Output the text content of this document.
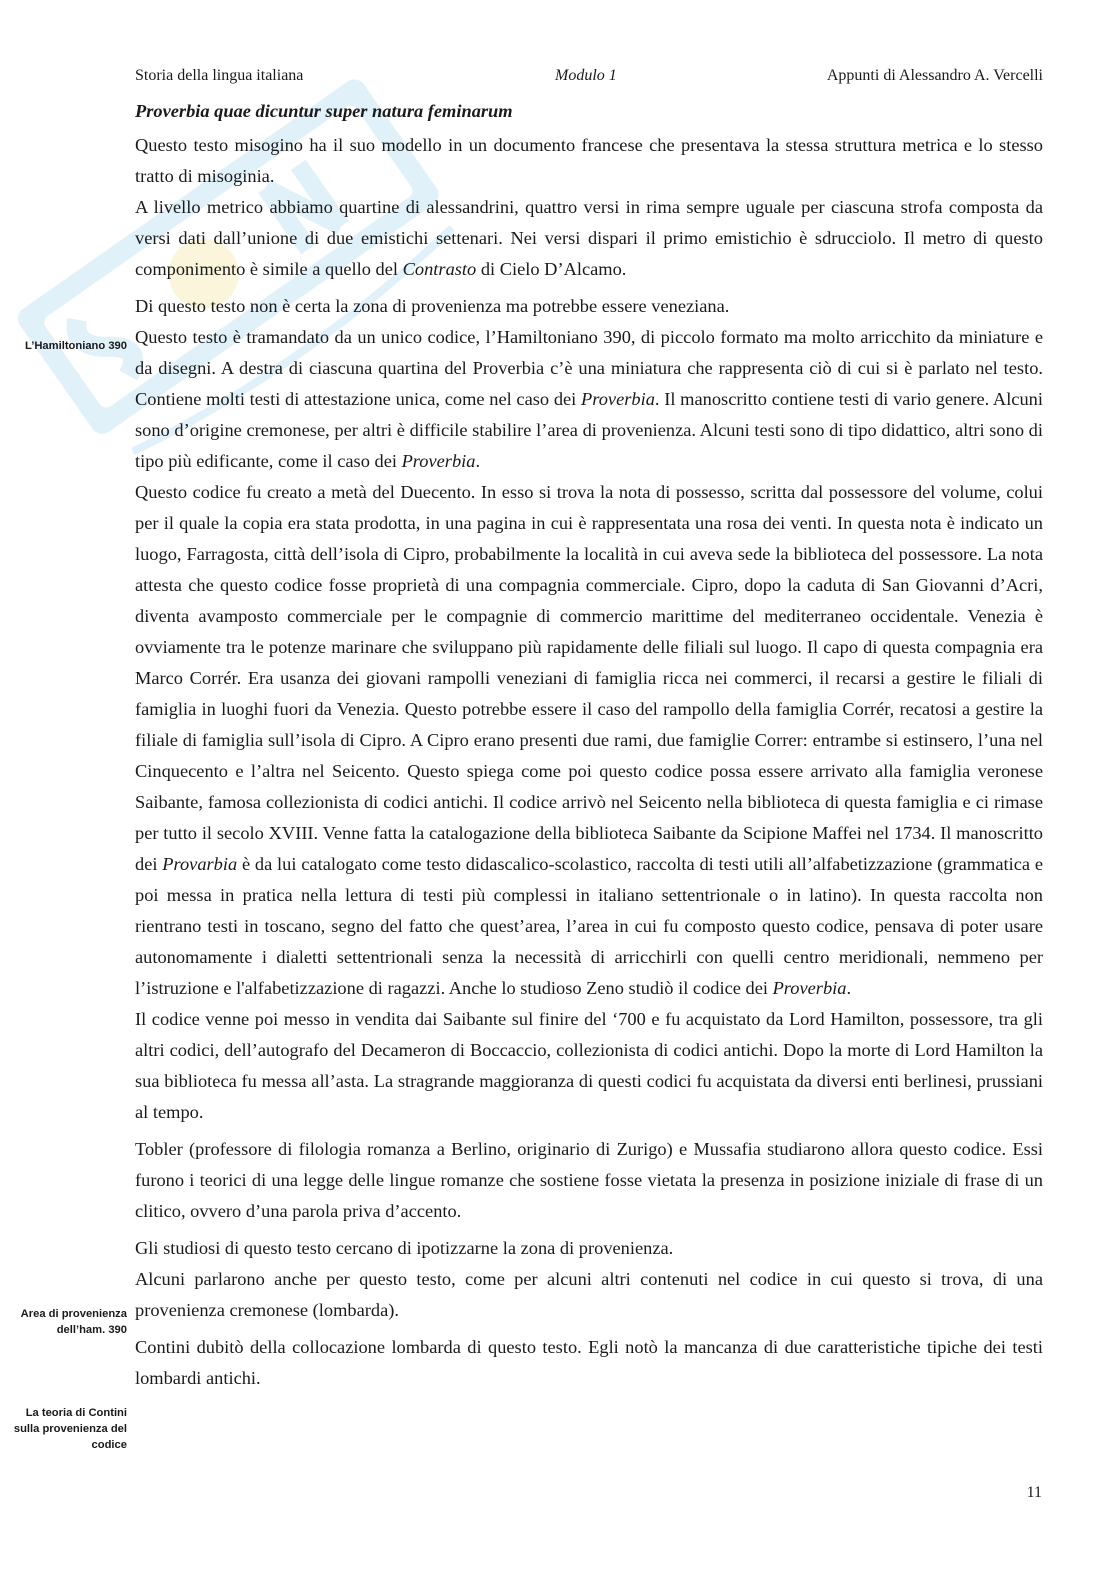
Storia della lingua italiana	Modulo 1	Appunti di Alessandro A. Vercelli

Proverbia quae dicuntur super natura feminarum

Questo testo misogino ha il suo modello in un documento francese che presentava la stessa struttura metrica e lo stesso tratto di misoginia.

A livello metrico abbiamo quartine di alessandrini, quattro versi in rima sempre uguale per ciascuna strofa composta da versi dati dall’unione di due emistichi settenari. Nei versi dispari il primo emistichio è sdrucciolo. Il metro di questo componimento è simile a quello del Contrasto di Cielo D’Alcamo.

Di questo testo non è certa la zona di provenienza ma potrebbe essere veneziana.

Questo testo è tramandato da un unico codice, l’Hamiltoniano 390, di piccolo formato ma molto arricchito da miniature e da disegni. A destra di ciascuna quartina del Proverbia c’è una miniatura che rappresenta ciò di cui si è parlato nel testo. Contiene molti testi di attestazione unica, come nel caso dei Proverbia. Il manoscritto contiene testi di vario genere. Alcuni sono d’origine cremonese, per altri è difficile stabilire l’area di provenienza. Alcuni testi sono di tipo didattico, altri sono di tipo più edificante, come il caso dei Proverbia.

Questo codice fu creato a metà del Duecento. In esso si trova la nota di possesso, scritta dal possessore del volume, colui per il quale la copia era stata prodotta, in una pagina in cui è rappresentata una rosa dei venti. In questa nota è indicato un luogo, Farragosta, città dell’isola di Cipro, probabilmente la località in cui aveva sede la biblioteca del possessore. La nota attesta che questo codice fosse proprietà di una compagnia commerciale. Cipro, dopo la caduta di San Giovanni d’Acri, diventa avamposto commerciale per le compagnie di commercio marittime del mediterraneo occidentale. Venezia è ovviamente tra le potenze marinare che sviluppano più rapidamente delle filiali sul luogo. Il capo di questa compagnia era Marco Corrér. Era usanza dei giovani rampolli veneziani di famiglia ricca nei commerci, il recarsi a gestire le filiali di famiglia in luoghi fuori da Venezia. Questo potrebbe essere il caso del rampollo della famiglia Corrér, recatosi a gestire la filiale di famiglia sull’isola di Cipro. A Cipro erano presenti due rami, due famiglie Correr: entrambe si estinsero, l’una nel Cinquecento e l’altra nel Seicento. Questo spiega come poi questo codice possa essere arrivato alla famiglia veronese Saibante, famosa collezionista di codici antichi. Il codice arrivò nel Seicento nella biblioteca di questa famiglia e ci rimase per tutto il secolo XVIII. Venne fatta la catalogazione della biblioteca Saibante da Scipione Maffei nel 1734. Il manoscritto dei Provarbia è da lui catalogato come testo didascalico-scolastico, raccolta di testi utili all’alfabetizzazione (grammatica e poi messa in pratica nella lettura di testi più complessi in italiano settentrionale o in latino). In questa raccolta non rientrano testi in toscano, segno del fatto che quest’area, l’area in cui fu composto questo codice, pensava di poter usare autonomamente i dialetti settentrionali senza la necessità di arricchirli con quelli centro meridionali, nemmeno per l’istruzione e l'alfabetizzazione di ragazzi. Anche lo studioso Zeno studiò il codice dei Proverbia.

Il codice venne poi messo in vendita dai Saibante sul finire del ‘700 e fu acquistato da Lord Hamilton, possessore, tra gli altri codici, dell’autografo del Decameron di Boccaccio, collezionista di codici antichi. Dopo la morte di Lord Hamilton la sua biblioteca fu messa all’asta. La stragrande maggioranza di questi codici fu acquistata da diversi enti berlinesi, prussiani al tempo.

Tobler (professore di filologia romanza a Berlino, originario di Zurigo) e Mussafia studiarono allora questo codice. Essi furono i teorici di una legge delle lingue romanze che sostiene fosse vietata la presenza in posizione iniziale di frase di un clitico, ovvero d’una parola priva d’accento.

Gli studiosi di questo testo cercano di ipotizzarne la zona di provenienza.

Alcuni parlarono anche per questo testo, come per alcuni altri contenuti nel codice in cui questo si trova, di una provenienza cremonese (lombarda).

Contini dubitò della collocazione lombarda di questo testo. Egli notò la mancanza di due caratteristiche tipiche dei testi lombardi antichi.

L’Hamiltoniano 390
Area di provenienza dell’ham. 390
La teoria di Contini sulla provenienza del codice
11
